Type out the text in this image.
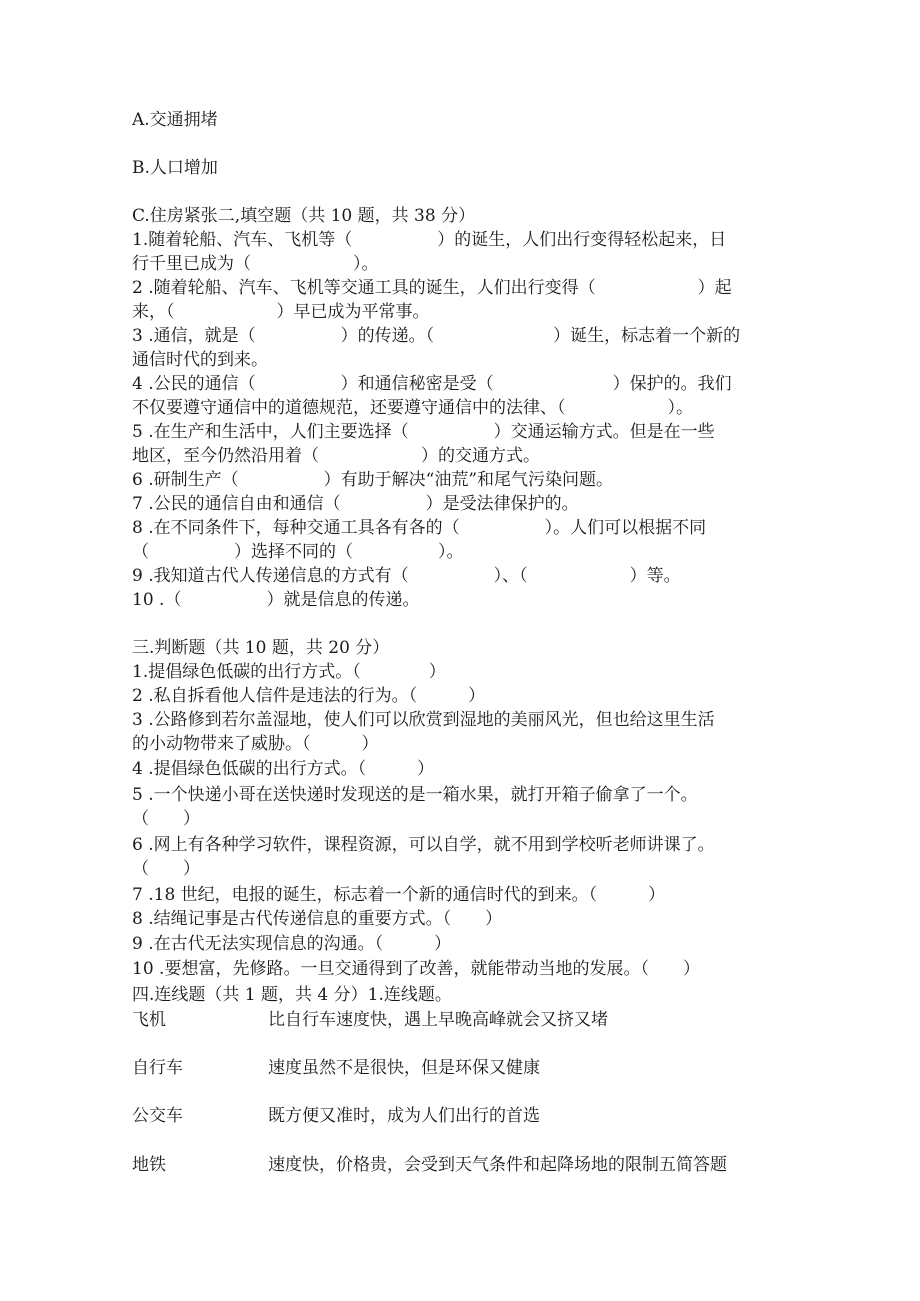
A.交通拥堵
B.人口增加
C.住房紧张二,填空题（共 10 题，共 38 分）
1.随着轮船、汽车、飞机等（　　　　　）的诞生，人们出行变得轻松起来，日
行千里已成为（　　　　　　）。
2 .随着轮船、汽车、飞机等交通工具的诞生，人们出行变得（　　　　　　）起
来，（　　　　　　）早已成为平常事。
3 .通信，就是（　　　　　）的传递。（　　　　　　　）诞生，标志着一个新的
通信时代的到来。
4 .公民的通信（　　　　　）和通信秘密是受（　　　　　　　）保护的。我们
不仅要遵守通信中的道德规范，还要遵守通信中的法律、（　　　　　　）。
5 .在生产和生活中，人们主要选择（　　　　　）交通运输方式。但是在一些
地区，至今仍然沿用着（　　　　　　）的交通方式。
6 .研制生产（　　　　　）有助于解决“油荒”和尾气污染问题。
7 .公民的通信自由和通信（　　　　　）是受法律保护的。
8 .在不同条件下，每种交通工具各有各的（　　　　　）。人们可以根据不同
（　　　　　）选择不同的（　　　　　）。
9 .我知道古代人传递信息的方式有（　　　　　）、（　　　　　　）等。
10 .（　　　　　）就是信息的传递。
三.判断题（共 10 题，共 20 分）
1.提倡绿色低碳的出行方式。（　　　　）
2 .私自拆看他人信件是违法的行为。（　　　）
3 .公路修到若尔盖湿地，使人们可以欣赏到湿地的美丽风光，但也给这里生活
的小动物带来了威胁。（　　　）
4 .提倡绿色低碳的出行方式。（　　　）
5 .一个快递小哥在送快递时发现送的是一箱水果，就打开箱子偷拿了一个。
（　　）
6 .网上有各种学习软件，课程资源，可以自学，就不用到学校听老师讲课了。
（　　）
7 .18 世纪，电报的诞生，标志着一个新的通信时代的到来。（　　　）
8 .结绳记事是古代传递信息的重要方式。（　　）
9 .在古代无法实现信息的沟通。（　　　）
10 .要想富，先修路。一旦交通得到了改善，就能带动当地的发展。（　　）
四.连线题（共 1 题，共 4 分）1.连线题。
飞机	比自行车速度快，遇上早晚高峰就会又挤又堵
自行车	速度虽然不是很快，但是环保又健康
公交车	既方便又准时，成为人们出行的首选
地铁	速度快，价格贵，会受到天气条件和起降场地的限制五简答题
